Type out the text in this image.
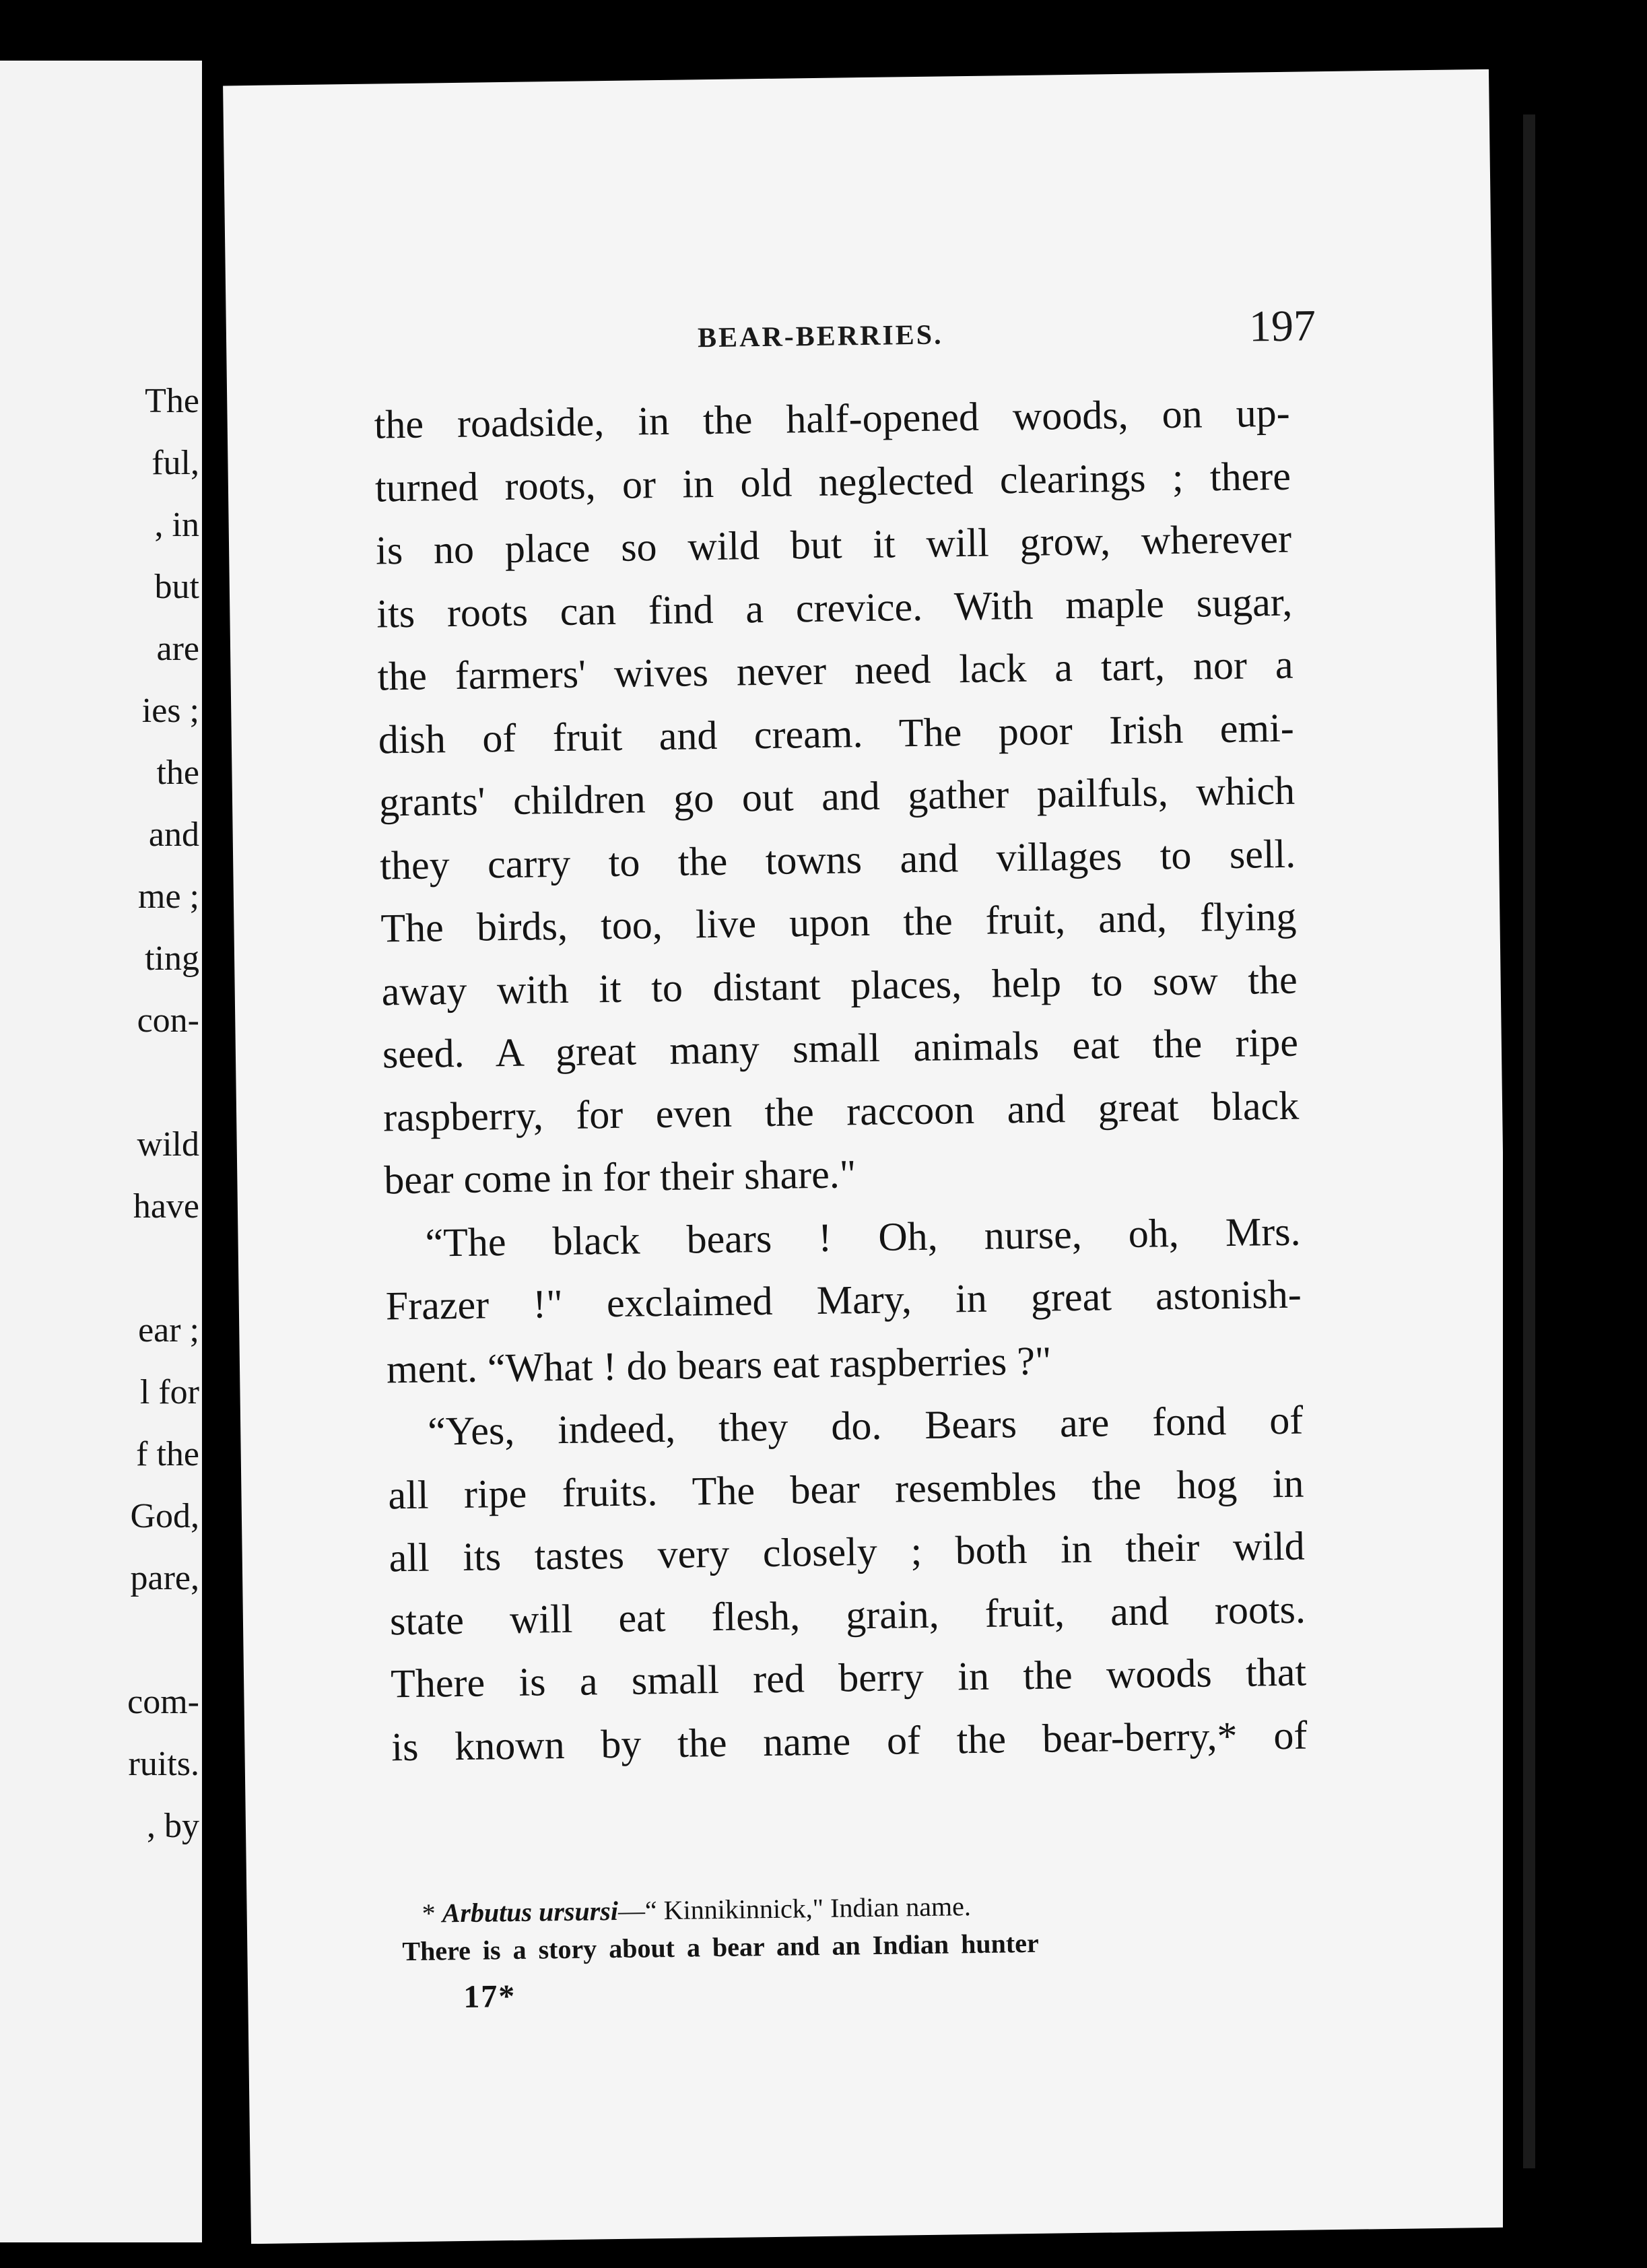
The
ful,
, in
but
are
ies ;
the
and
me ;
ting
con-
wild
have
ear ;
l for
f the
God,
pare,
com-
ruits.
, by
BEAR-BERRIES.	197
the roadside, in the half-opened woods, on up-
turned roots, or in old neglected clearings ; there
is no place so wild but it will grow, wherever
its roots can find a crevice. With maple sugar,
the farmers' wives never need lack a tart, nor a
dish of fruit and cream. The poor Irish emi-
grants' children go out and gather pailfuls, which
they carry to the towns and villages to sell.
The birds, too, live upon the fruit, and, flying
away with it to distant places, help to sow the
seed. A great many small animals eat the ripe
raspberry, for even the raccoon and great black
bear come in for their share."
“The black bears ! Oh, nurse, oh, Mrs.
Frazer !" exclaimed Mary, in great astonish-
ment. “What ! do bears eat raspberries ?"
“Yes, indeed, they do. Bears are fond of
all ripe fruits. The bear resembles the hog in
all its tastes very closely ; both in their wild
state will eat flesh, grain, fruit, and roots.
There is a small red berry in the woods that
is known by the name of the bear-berry,* of
* Arbutus ursursi—“ Kinnikinnick," Indian name.
There is a story about a bear and an Indian hunter
17*
